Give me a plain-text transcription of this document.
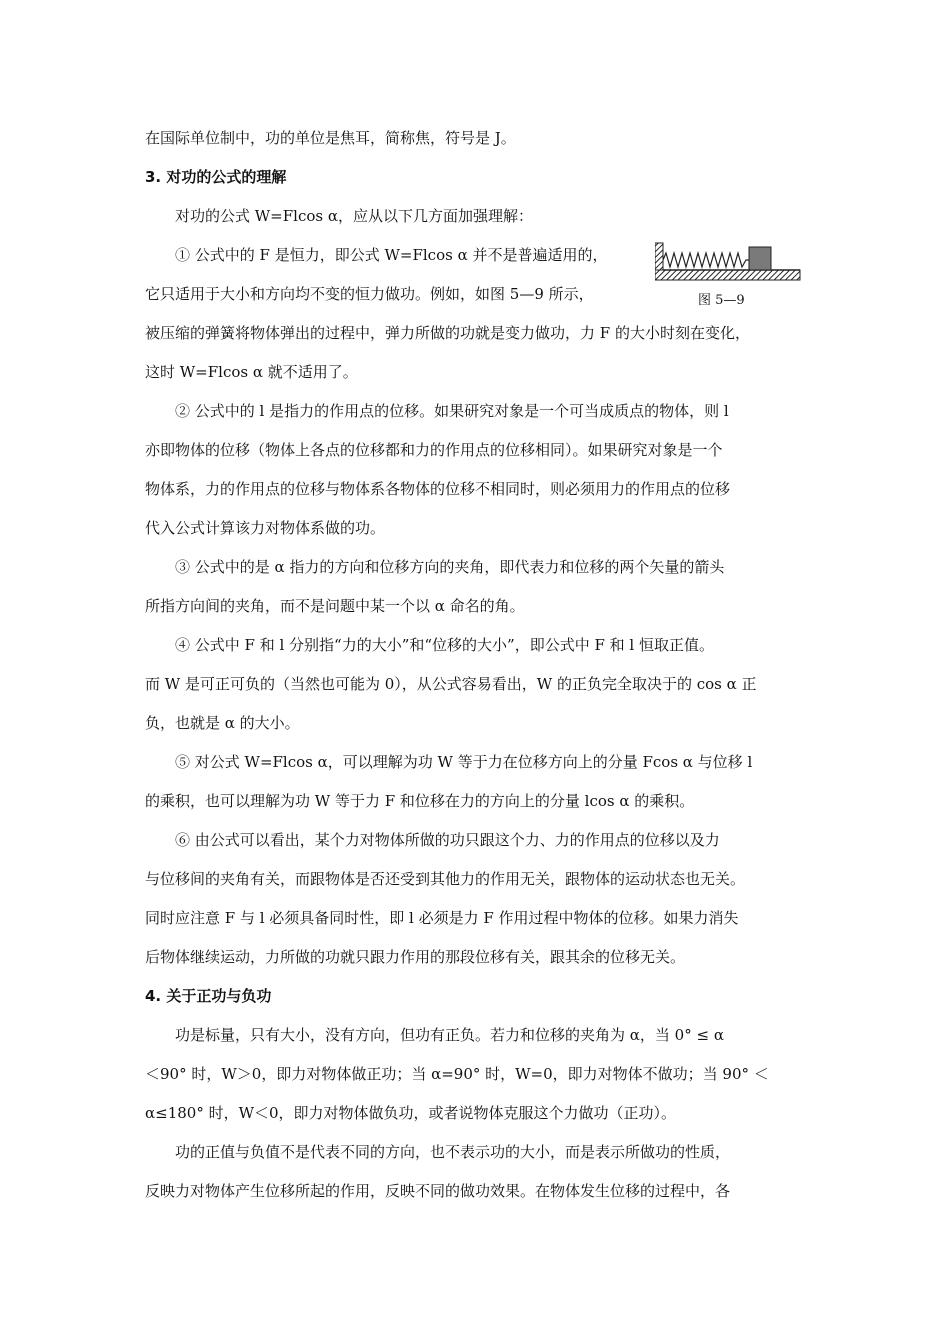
在国际单位制中，功的单位是焦耳，简称焦，符号是 J。
3. 对功的公式的理解
对功的公式 W=Flcos α，应从以下几方面加强理解：
① 公式中的 F 是恒力，即公式 W=Flcos α 并不是普遍适用的，
它只适用于大小和方向均不变的恒力做功。例如，如图 5—9 所示，
被压缩的弹簧将物体弹出的过程中，弹力所做的功就是变力做功，力 F 的大小时刻在变化，
这时 W=Flcos α 就不适用了。
② 公式中的 l 是指力的作用点的位移。如果研究对象是一个可当成质点的物体，则 l
亦即物体的位移（物体上各点的位移都和力的作用点的位移相同）。如果研究对象是一个
物体系，力的作用点的位移与物体系各物体的位移不相同时，则必须用力的作用点的位移
代入公式计算该力对物体系做的功。
③ 公式中的是 α 指力的方向和位移方向的夹角，即代表力和位移的两个矢量的箭头
所指方向间的夹角，而不是问题中某一个以 α 命名的角。
④ 公式中 F 和 l 分别指“力的大小”和“位移的大小”，即公式中 F 和 l 恒取正值。
而 W 是可正可负的（当然也可能为 0），从公式容易看出，W 的正负完全取决于的 cos α 正
负，也就是 α 的大小。
⑤ 对公式 W=Flcos α，可以理解为功 W 等于力在位移方向上的分量 Fcos α 与位移 l
的乘积，也可以理解为功 W 等于力 F 和位移在力的方向上的分量 lcos α 的乘积。
⑥ 由公式可以看出，某个力对物体所做的功只跟这个力、力的作用点的位移以及力
与位移间的夹角有关，而跟物体是否还受到其他力的作用无关，跟物体的运动状态也无关。
同时应注意 F 与 l 必须具备同时性，即 l 必须是力 F 作用过程中物体的位移。如果力消失
后物体继续运动，力所做的功就只跟力作用的那段位移有关，跟其余的位移无关。
4. 关于正功与负功
功是标量，只有大小，没有方向，但功有正负。若力和位移的夹角为 α，当 0° ≤ α
＜90° 时，W＞0，即力对物体做正功；当 α=90° 时，W=0，即力对物体不做功；当 90° ＜
α≤180° 时，W＜0，即力对物体做负功，或者说物体克服这个力做功（正功）。
功的正值与负值不是代表不同的方向，也不表示功的大小，而是表示所做功的性质，
反映力对物体产生位移所起的作用，反映不同的做功效果。在物体发生位移的过程中，各
图 5—9
